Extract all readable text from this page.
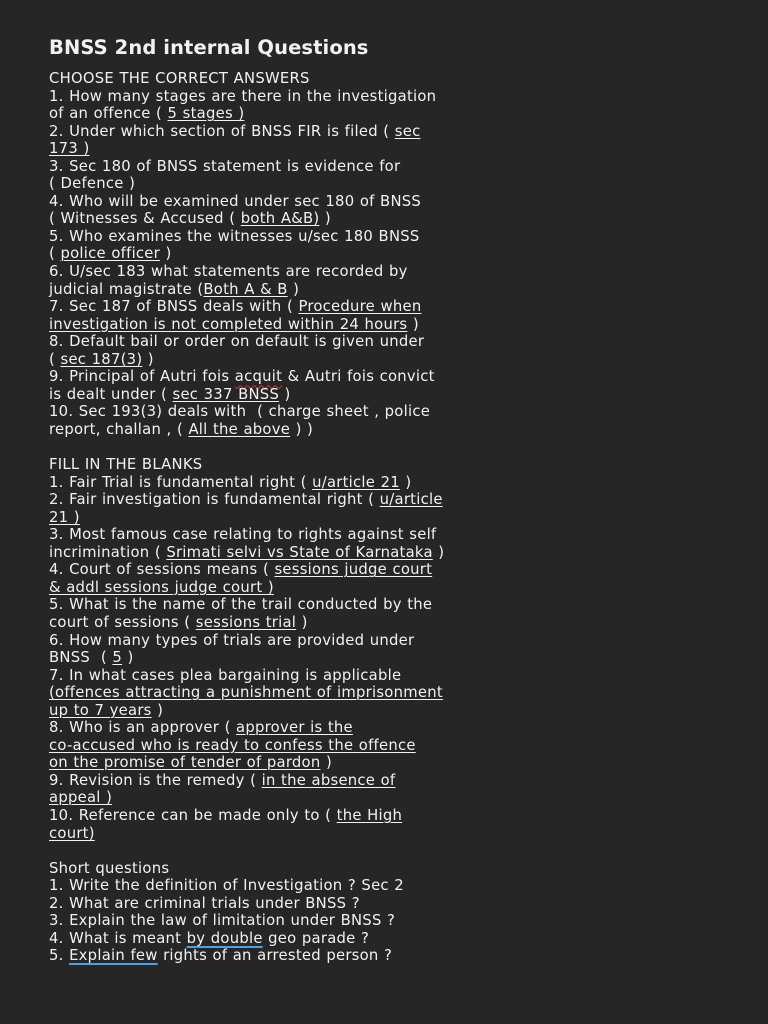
BNSS 2nd internal Questions
CHOOSE THE CORRECT ANSWERS
1. How many stages are there in the investigation
of an offence ( 5 stages )
2. Under which section of BNSS FIR is filed ( sec
173 )
3. Sec 180 of BNSS statement is evidence for
( Defence )
4. Who will be examined under sec 180 of BNSS
( Witnesses & Accused ( both A&B) )
5. Who examines the witnesses u/sec 180 BNSS
( police officer )
6. U/sec 183 what statements are recorded by
judicial magistrate (Both A & B )
7. Sec 187 of BNSS deals with ( Procedure when
investigation is not completed within 24 hours )
8. Default bail or order on default is given under
( sec 187(3) )
9. Principal of Autri fois acquit & Autri fois convict
is dealt under ( sec 337 BNSS )
10. Sec 193(3) deals with  ( charge sheet , police
report, challan , ( All the above ) )
FILL IN THE BLANKS
1. Fair Trial is fundamental right ( u/article 21 )
2. Fair investigation is fundamental right ( u/article
21 )
3. Most famous case relating to rights against self
incrimination ( Srimati selvi vs State of Karnataka )
4. Court of sessions means ( sessions judge court
& addl sessions judge court )
5. What is the name of the trail conducted by the
court of sessions ( sessions trial )
6. How many types of trials are provided under
BNSS  ( 5 )
7. In what cases plea bargaining is applicable
(offences attracting a punishment of imprisonment
up to 7 years )
8. Who is an approver ( approver is the
co-accused who is ready to confess the offence
on the promise of tender of pardon )
9. Revision is the remedy ( in the absence of
appeal )
10. Reference can be made only to ( the High
court)
Short questions
1. Write the definition of Investigation ? Sec 2
2. What are criminal trials under BNSS ?
3. Explain the law of limitation under BNSS ?
4. What is meant by double geo parade ?
5. Explain few rights of an arrested person ?
